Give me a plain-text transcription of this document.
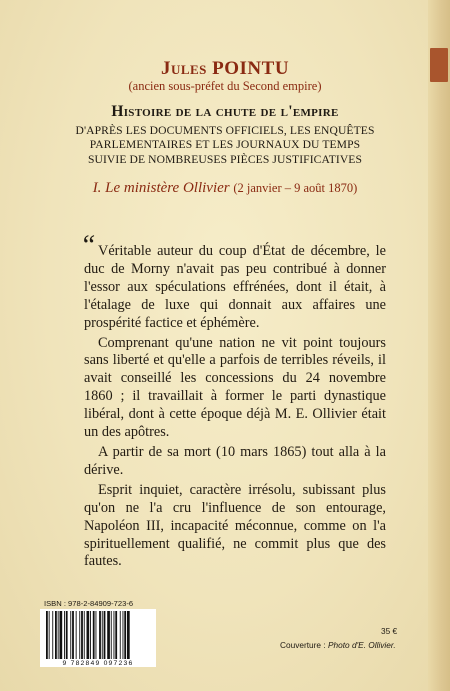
Jules POINTU
(ancien sous-préfet du Second empire)
Histoire de la chute de l'empire
D'APRÈS LES DOCUMENTS OFFICIELS, LES ENQUÊTES
PARLEMENTAIRES ET LES JOURNAUX DU TEMPS
SUIVIE DE NOMBREUSES PIÈCES JUSTIFICATIVES
I. Le ministère Ollivier (2 janvier – 9 août 1870)
“ Véritable auteur du coup d'État de décembre, le duc de Morny n'avait pas peu contribué à donner l'essor aux spéculations effrénées, dont il était, à l'étalage de luxe qui donnait aux affaires une prospérité factice et éphémère.

Comprenant qu'une nation ne vit point toujours sans liberté et qu'elle a parfois de terribles réveils, il avait conseillé les concessions du 24 novembre 1860 ; il travaillait à former le parti dynastique libéral, dont à cette époque déjà M. E. Ollivier était un des apôtres.

A partir de sa mort (10 mars 1865) tout alla à la dérive.

Esprit inquiet, caractère irrésolu, subissant plus qu'on ne l'a cru l'influence de son entourage, Napoléon III, incapacité méconnue, comme on l'a spirituellement qualifié, ne commit plus que des fautes.

ISBN : 978-2-84909-723-6
9 782849 097236
35 €
Couverture : Photo d'E. Ollivier.
